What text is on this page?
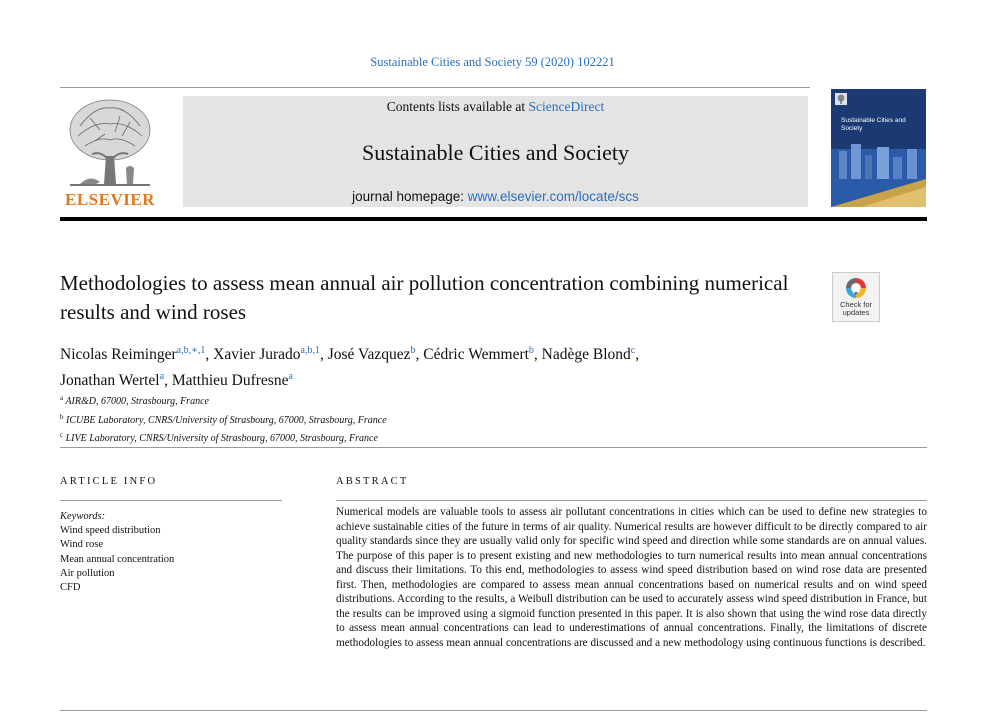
Sustainable Cities and Society 59 (2020) 102221
ELSEVIER
Contents lists available at ScienceDirect
Sustainable Cities and Society
journal homepage: www.elsevier.com/locate/scs
Sustainable Cities and Society
Methodologies to assess mean annual air pollution concentration combining numerical results and wind roses	Check for
updates
Nicolas Reiminger$^{a,b,∗,1}$, Xavier Jurado$^{a,b,1}$, José Vazquez$^b$, Cédric Wemmert$^b$, Nadège Blond$^c$,
Jonathan Wertel$^a$, Matthieu Dufresne$^a$
$^a$ AIR&D, 67000, Strasbourg, France
$^b$ ICUBE Laboratory, CNRS/University of Strasbourg, 67000, Strasbourg, France
$^c$ LIVE Laboratory, CNRS/University of Strasbourg, 67000, Strasbourg, France
ARTICLE INFO
Keywords:
Wind speed distribution
Wind rose
Mean annual concentration
Air pollution
CFD
ABSTRACT
Numerical models are valuable tools to assess air pollutant concentrations in cities which can be used to define new strategies to achieve sustainable cities of the future in terms of air quality. Numerical results are however difficult to be directly compared to air quality standards since they are usually valid only for specific wind speed and direction while some standards are on annual values. The purpose of this paper is to present existing and new methodologies to turn numerical results into mean annual concentrations and discuss their limitations. To this end, methodologies to assess wind speed distribution based on wind rose data are presented first. Then, methodologies are compared to assess mean annual concentrations based on numerical results and on wind speed distributions. According to the results, a Weibull distribution can be used to accurately assess wind speed distribution in France, but the results can be improved using a sigmoid function presented in this paper. It is also shown that using the wind rose data directly to assess mean annual concentrations can lead to underestimations of annual concentrations. Finally, the limitations of discrete methodologies to assess mean annual concentrations are discussed and a new methodology using continuous functions is described.
